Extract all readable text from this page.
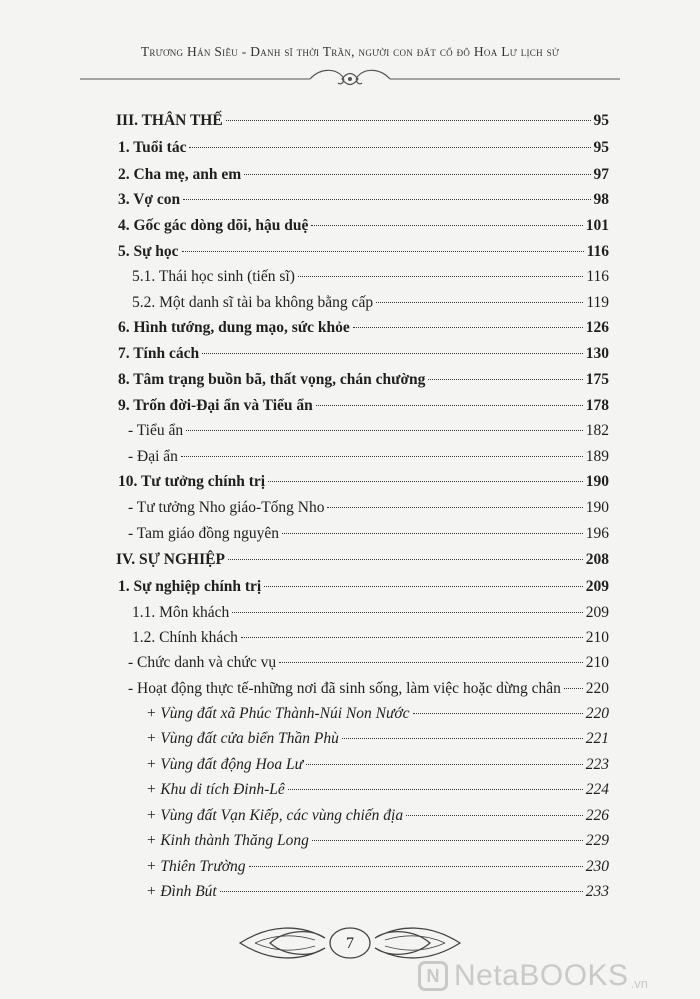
Trương Hán Siêu - Danh sĩ thời Trần, người con đất cố đô Hoa Lư lịch sử
III. THÂN THẾ	95
1. Tuổi tác	95
2. Cha mẹ, anh em	97
3. Vợ con	98
4. Gốc gác dòng dõi, hậu duệ	101
5. Sự học	116
5.1. Thái học sinh (tiến sĩ)	116
5.2. Một danh sĩ tài ba không bằng cấp	119
6. Hình tướng, dung mạo, sức khỏe	126
7. Tính cách	130
8. Tâm trạng buồn bã, thất vọng, chán chường	175
9. Trốn đời-Đại ẩn và Tiểu ẩn	178
- Tiểu ẩn	182
- Đại ẩn	189
10. Tư tưởng chính trị	190
- Tư tưởng Nho giáo-Tống Nho	190
- Tam giáo đồng nguyên	196
IV. SỰ NGHIỆP	208
1. Sự nghiệp chính trị	209
1.1. Môn khách	209
1.2. Chính khách	210
- Chức danh và chức vụ	210
- Hoạt động thực tế-những nơi đã sinh sống, làm việc hoặc dừng chân 220
+ Vùng đất xã Phúc Thành-Núi Non Nước	220
+ Vùng đất cửa biển Thần Phù	221
+ Vùng đất động Hoa Lư	223
+ Khu di tích Đinh-Lê	224
+ Vùng đất Vạn Kiếp, các vùng chiến địa	226
+ Kinh thành Thăng Long	229
+ Thiên Trường	230
+ Đình Bút	233
7
N NetaBOOKS .vn
